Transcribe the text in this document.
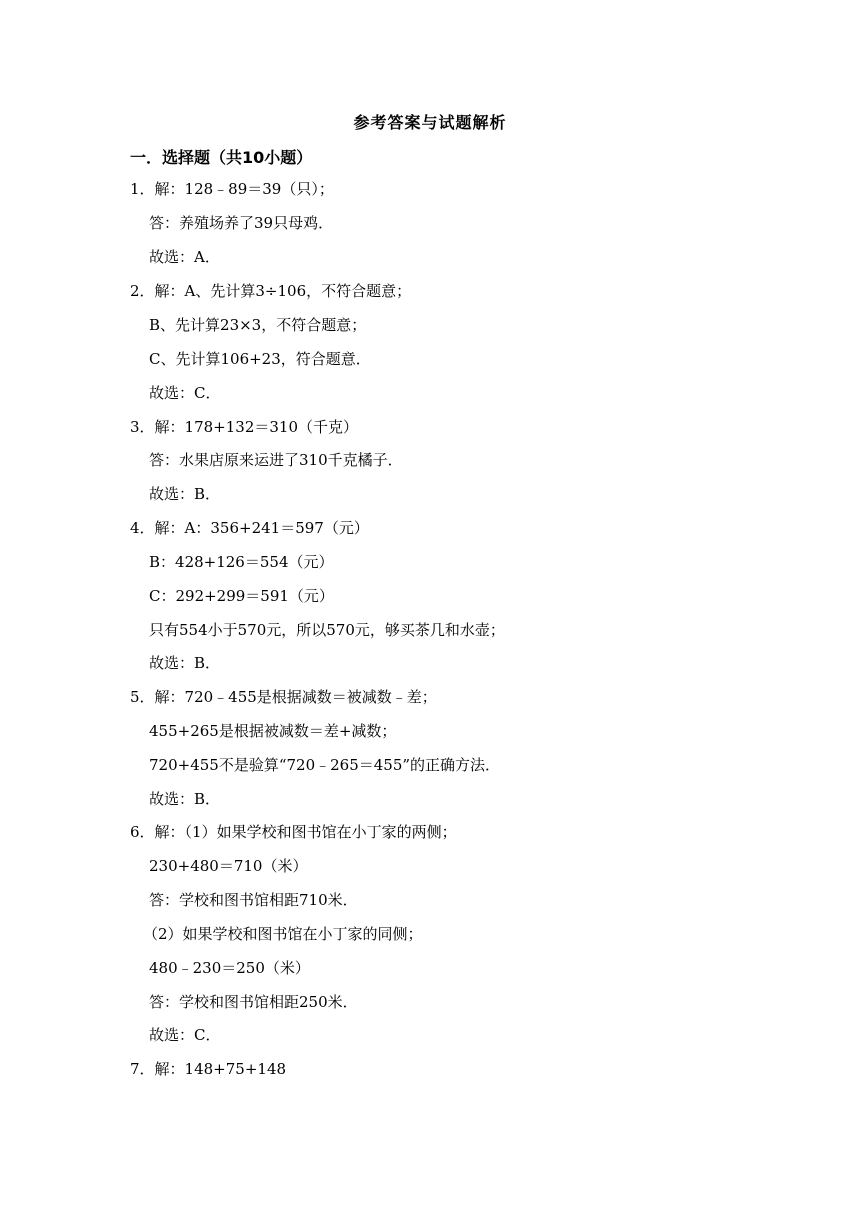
参考答案与试题解析
一．选择题（共10小题）
1．解：128﹣89＝39（只）；
答：养殖场养了39只母鸡．
故选：A．
2．解：A、先计算3÷106，不符合题意；
B、先计算23×3，不符合题意；
C、先计算106+23，符合题意．
故选：C．
3．解：178+132＝310（千克）
答：水果店原来运进了310千克橘子．
故选：B．
4．解：A：356+241＝597（元）
B：428+126＝554（元）
C：292+299＝591（元）
只有554小于570元，所以570元，够买茶几和水壶；
故选：B．
5．解：720﹣455是根据减数＝被减数﹣差；
455+265是根据被减数＝差+减数；
720+455不是验算“720﹣265＝455”的正确方法．
故选：B．
6．解：（1）如果学校和图书馆在小丁家的两侧；
230+480＝710（米）
答：学校和图书馆相距710米．
（2）如果学校和图书馆在小丁家的同侧；
480﹣230＝250（米）
答：学校和图书馆相距250米．
故选：C．
7．解：148+75+148
